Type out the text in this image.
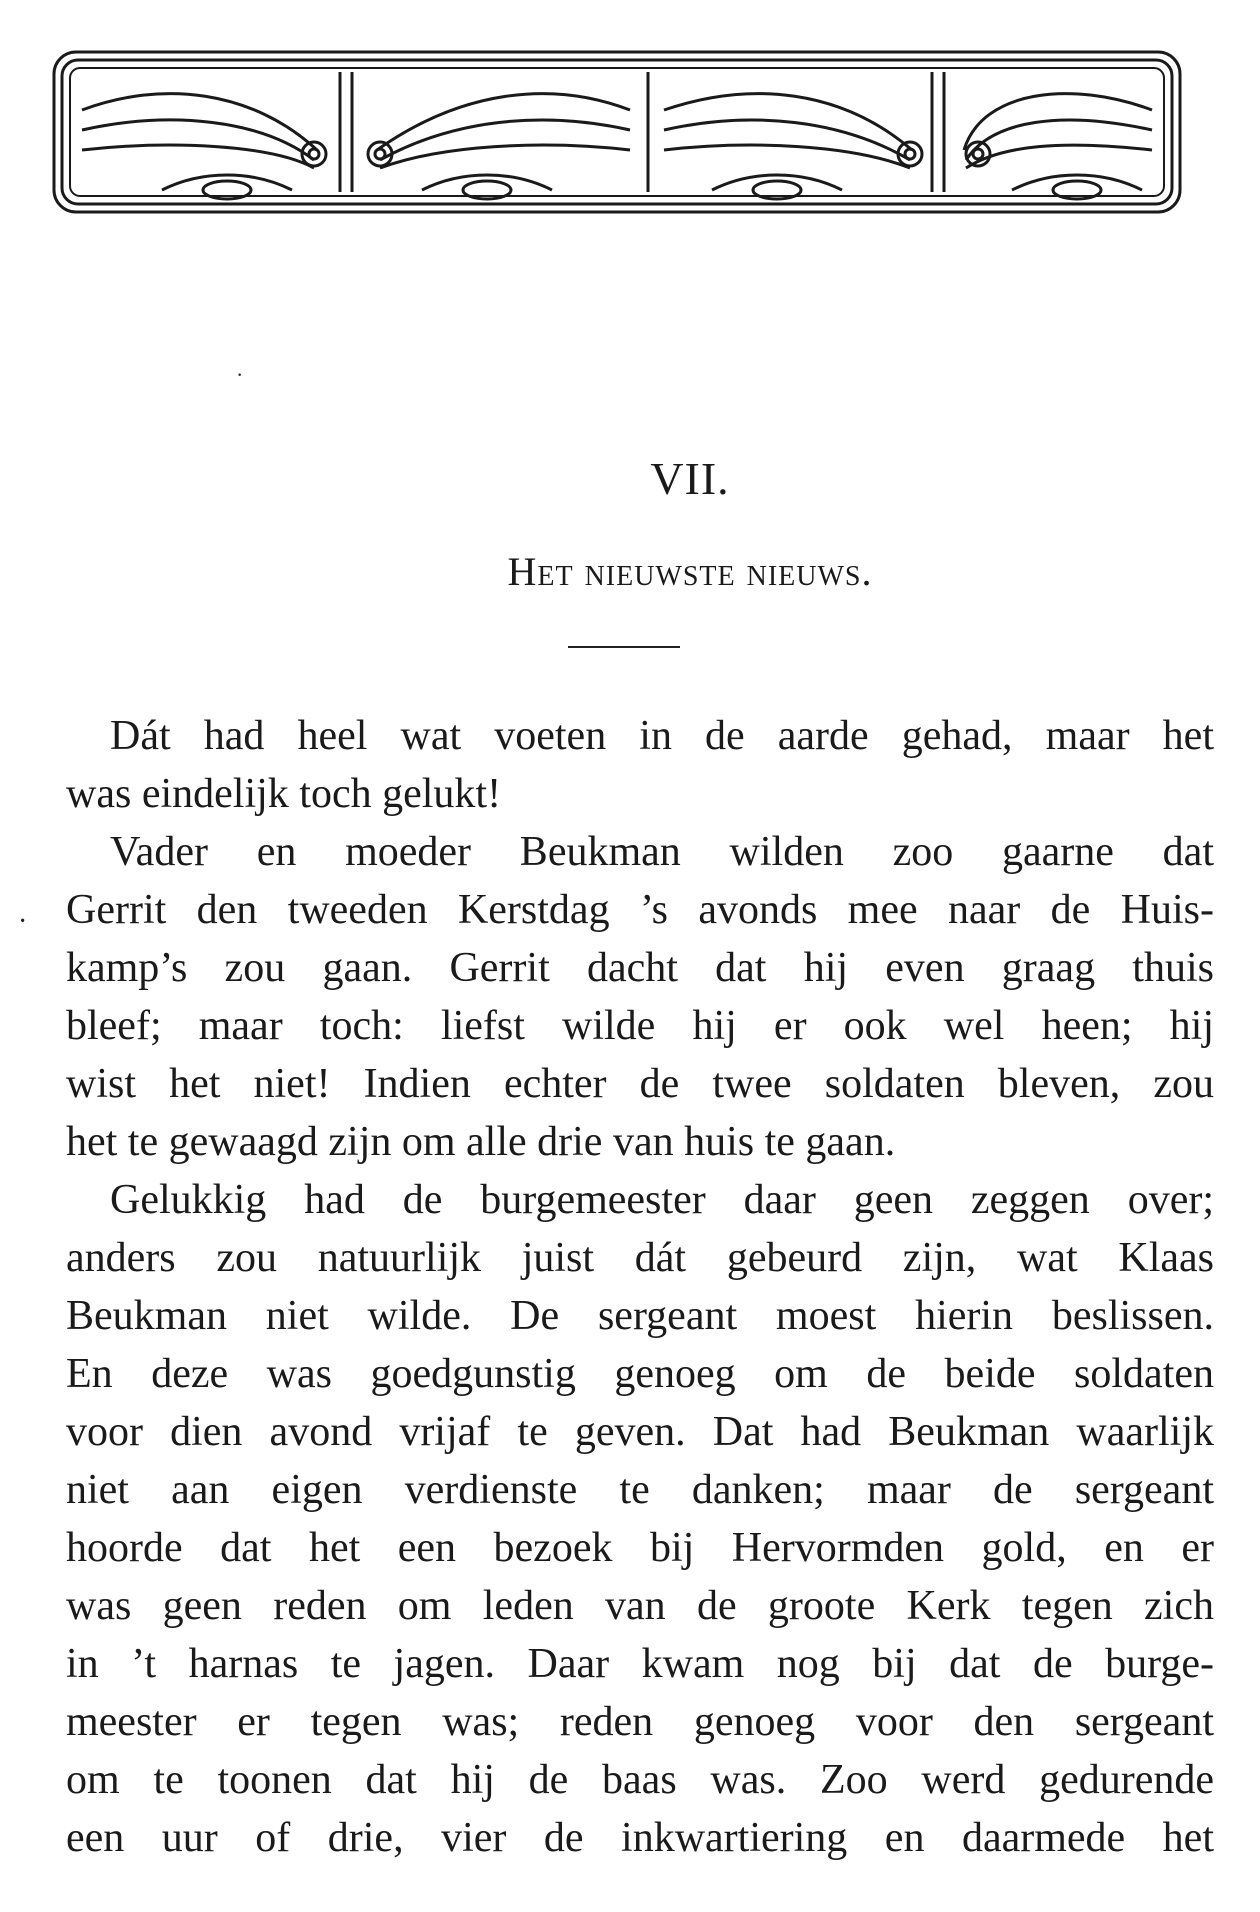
·
VII.
Het nieuwste nieuws.
·
Dát had heel wat voeten in de aarde gehad, maar het
was eindelijk toch gelukt!
Vader en moeder Beukman wilden zoo gaarne dat
Gerrit den tweeden Kerstdag ’s avonds mee naar de Huis-
kamp’s zou gaan. Gerrit dacht dat hij even graag thuis
bleef; maar toch: liefst wilde hij er ook wel heen; hij
wist het niet! Indien echter de twee soldaten bleven, zou
het te gewaagd zijn om alle drie van huis te gaan.
Gelukkig had de burgemeester daar geen zeggen over;
anders zou natuurlijk juist dát gebeurd zijn, wat Klaas
Beukman niet wilde. De sergeant moest hierin beslissen.
En deze was goedgunstig genoeg om de beide soldaten
voor dien avond vrijaf te geven. Dat had Beukman waarlijk
niet aan eigen verdienste te danken; maar de sergeant
hoorde dat het een bezoek bij Hervormden gold, en er
was geen reden om leden van de groote Kerk tegen zich
in ’t harnas te jagen. Daar kwam nog bij dat de burge-
meester er tegen was; reden genoeg voor den sergeant
om te toonen dat hij de baas was. Zoo werd gedurende
een uur of drie, vier de inkwartiering en daarmede het
